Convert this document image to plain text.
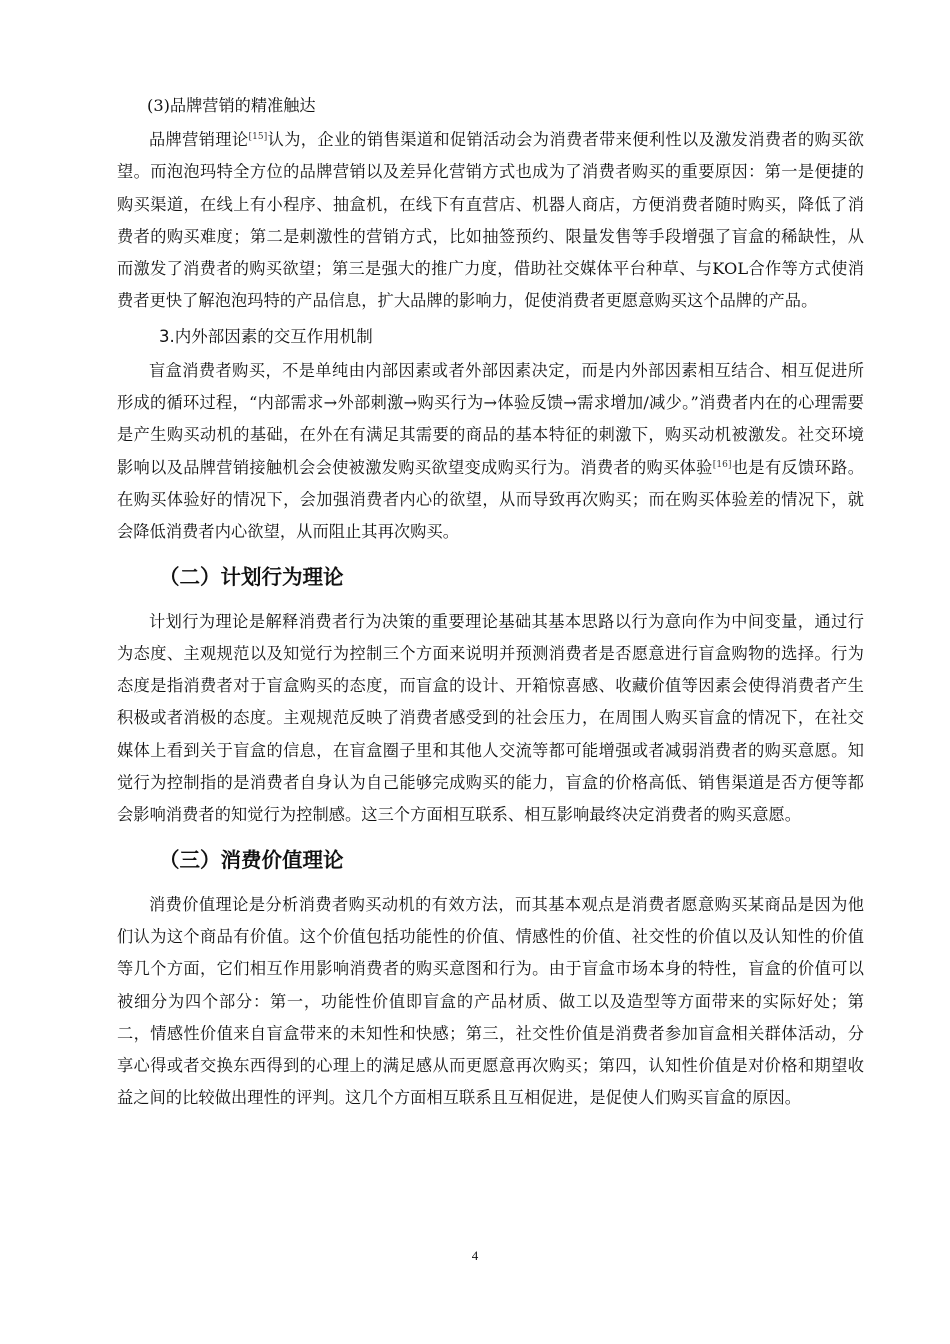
(3)品牌营销的精准触达

品牌营销理论[15]认为，企业的销售渠道和促销活动会为消费者带来便利性以及激发消费者的购买欲望。而泡泡玛特全方位的品牌营销以及差异化营销方式也成为了消费者购买的重要原因：第一是便捷的购买渠道，在线上有小程序、抽盒机，在线下有直营店、机器人商店，方便消费者随时购买，降低了消费者的购买难度；第二是刺激性的营销方式，比如抽签预约、限量发售等手段增强了盲盒的稀缺性，从而激发了消费者的购买欲望；第三是强大的推广力度，借助社交媒体平台种草、与KOL合作等方式使消费者更快了解泡泡玛特的产品信息，扩大品牌的影响力，促使消费者更愿意购买这个品牌的产品。

3.内外部因素的交互作用机制

盲盒消费者购买，不是单纯由内部因素或者外部因素决定，而是内外部因素相互结合、相互促进所形成的循环过程，“内部需求→外部刺激→购买行为→体验反馈→需求增加/减少。”消费者内在的心理需要是产生购买动机的基础，在外在有满足其需要的商品的基本特征的刺激下，购买动机被激发。社交环境影响以及品牌营销接触机会会使被激发购买欲望变成购买行为。消费者的购买体验[16]也是有反馈环路。在购买体验好的情况下，会加强消费者内心的欲望，从而导致再次购买；而在购买体验差的情况下，就会降低消费者内心欲望，从而阻止其再次购买。

（二）计划行为理论

计划行为理论是解释消费者行为决策的重要理论基础其基本思路以行为意向作为中间变量，通过行为态度、主观规范以及知觉行为控制三个方面来说明并预测消费者是否愿意进行盲盒购物的选择。行为态度是指消费者对于盲盒购买的态度，而盲盒的设计、开箱惊喜感、收藏价值等因素会使得消费者产生积极或者消极的态度。主观规范反映了消费者感受到的社会压力，在周围人购买盲盒的情况下，在社交媒体上看到关于盲盒的信息，在盲盒圈子里和其他人交流等都可能增强或者减弱消费者的购买意愿。知觉行为控制指的是消费者自身认为自己能够完成购买的能力，盲盒的价格高低、销售渠道是否方便等都会影响消费者的知觉行为控制感。这三个方面相互联系、相互影响最终决定消费者的购买意愿。

（三）消费价值理论

消费价值理论是分析消费者购买动机的有效方法，而其基本观点是消费者愿意购买某商品是因为他们认为这个商品有价值。这个价值包括功能性的价值、情感性的价值、社交性的价值以及认知性的价值等几个方面，它们相互作用影响消费者的购买意图和行为。由于盲盒市场本身的特性，盲盒的价值可以被细分为四个部分：第一，功能性价值即盲盒的产品材质、做工以及造型等方面带来的实际好处；第二，情感性价值来自盲盒带来的未知性和快感；第三，社交性价值是消费者参加盲盒相关群体活动，分享心得或者交换东西得到的心理上的满足感从而更愿意再次购买；第四，认知性价值是对价格和期望收益之间的比较做出理性的评判。这几个方面相互联系且互相促进，是促使人们购买盲盒的原因。

4
